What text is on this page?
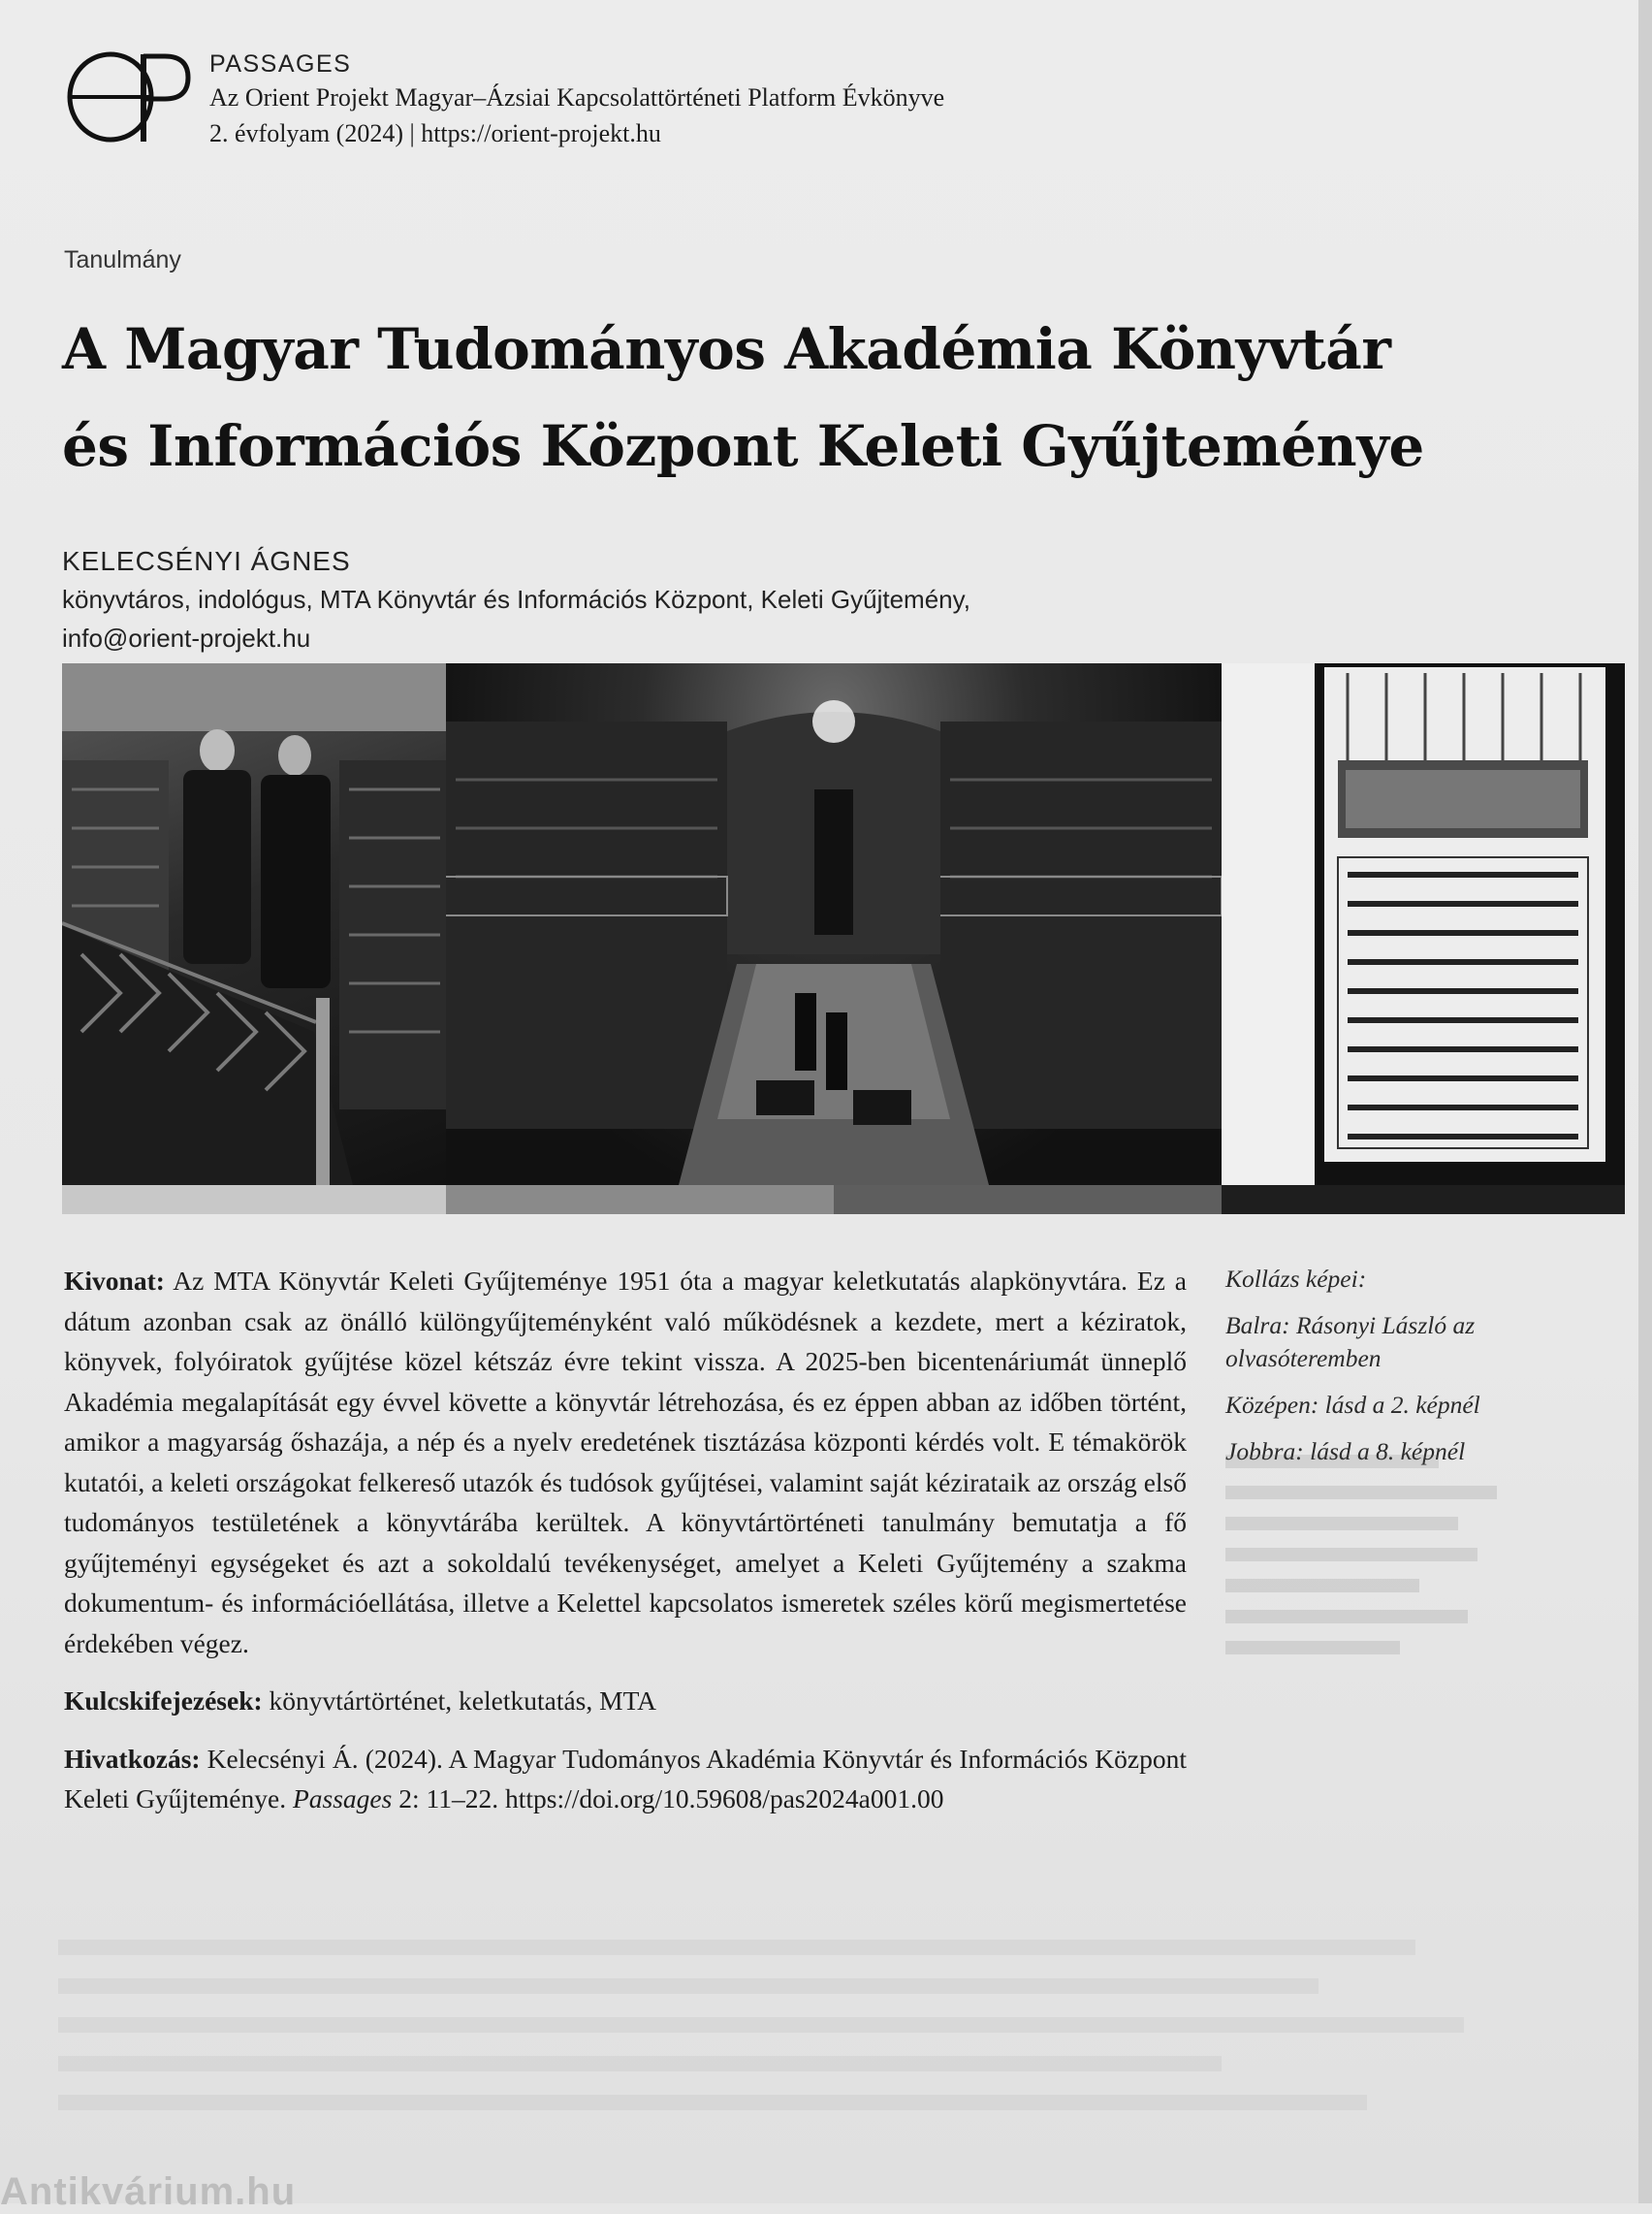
PASSAGES
Az Orient Projekt Magyar–Ázsiai Kapcsolattörténeti Platform Évkönyve
2. évfolyam (2024) | https://orient-projekt.hu
Tanulmány
A Magyar Tudományos Akadémia Könyvtár
és Információs Központ Keleti Gyűjteménye
KELECSÉNYI ÁGNES
könyvtáros, indológus, MTA Könyvtár és Információs Központ, Keleti Gyűjtemény,
info@orient-projekt.hu

Kivonat: Az MTA Könyvtár Keleti Gyűjteménye 1951 óta a magyar keletkutatás alapkönyvtára. Ez a dátum azonban csak az önálló különgyűjteményként való működésnek a kezdete, mert a kéziratok, könyvek, folyóiratok gyűjtése közel kétszáz évre tekint vissza. A 2025-ben bicentenáriumát ünneplő Akadémia megalapítását egy évvel követte a könyvtár létrehozása, és ez éppen abban az időben történt, amikor a magyarság őshazája, a nép és a nyelv eredetének tisztázása központi kérdés volt. E témakörök kutatói, a keleti országokat felkereső utazók és tudósok gyűjtései, valamint saját kézirataik az ország első tudományos testületének a könyvtárába kerültek. A könyvtártörténeti tanulmány bemutatja a fő gyűjteményi egységeket és azt a sokoldalú tevékenységet, amelyet a Keleti Gyűjtemény a szakma dokumentum- és információellátása, illetve a Kelettel kapcsolatos ismeretek széles körű megismertetése érdekében végez.

Kulcskifejezések: könyvtártörténet, keletkutatás, MTA

Hivatkozás: Kelecsényi Á. (2024). A Magyar Tudományos Akadémia Könyvtár és Információs Központ Keleti Gyűjteménye. Passages 2: 11–22. https://doi.org/10.59608/pas2024a001.00

Kollázs képei:

Balra: Rásonyi László az olvasóteremben

Középen: lásd a 2. képnél

Jobbra: lásd a 8. képnél

Antikvárium.hu
